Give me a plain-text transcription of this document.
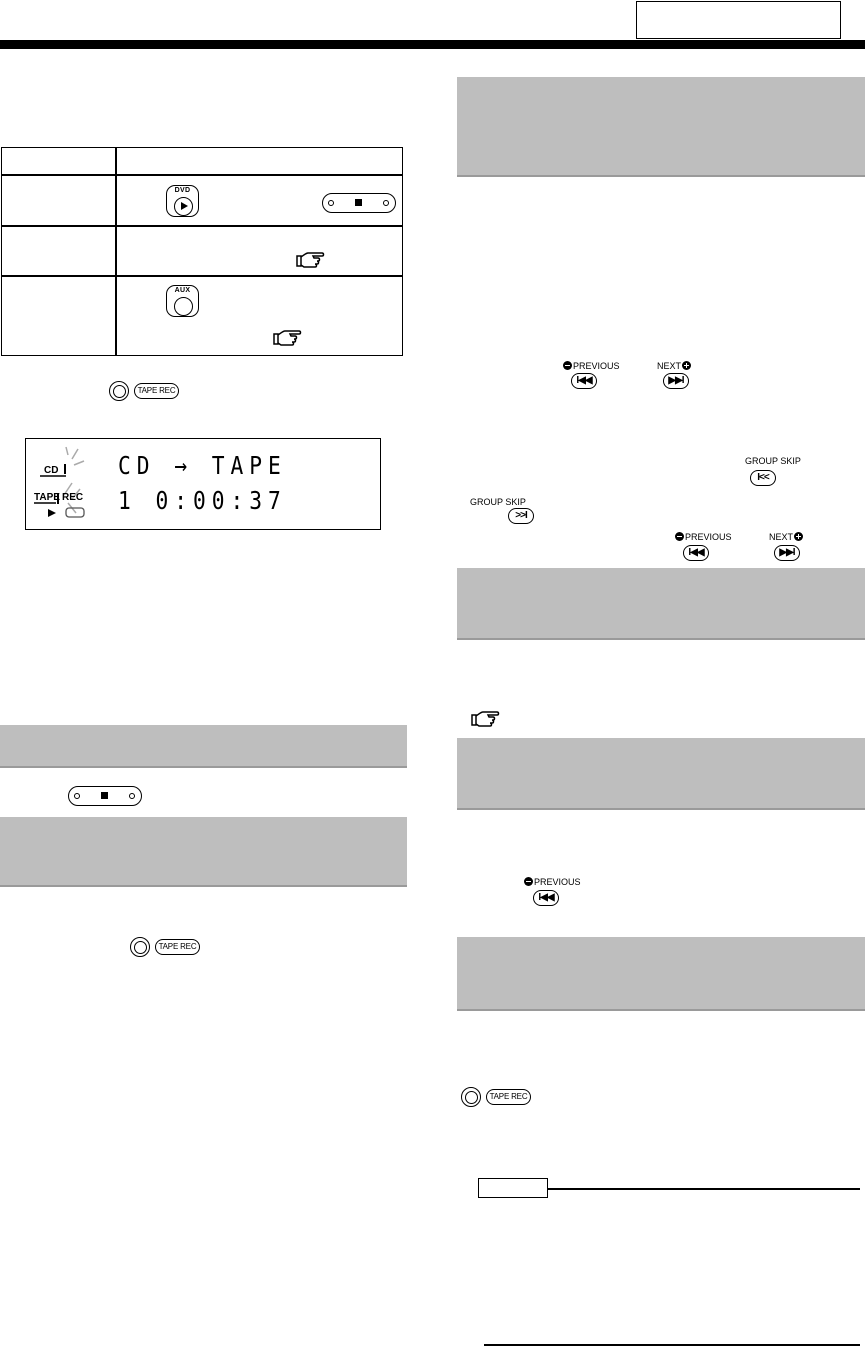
DVD
AUX
TAPE REC
CD
TAPE REC
CD → TAPE
1 0:00:37
TAPE REC
PREVIOUS
I◀◀
NEXT
▶▶I
GROUP SKIP
I<<
GROUP SKIP
>>I
PREVIOUS
I◀◀
NEXT
▶▶I
PREVIOUS
I◀◀
TAPE REC
